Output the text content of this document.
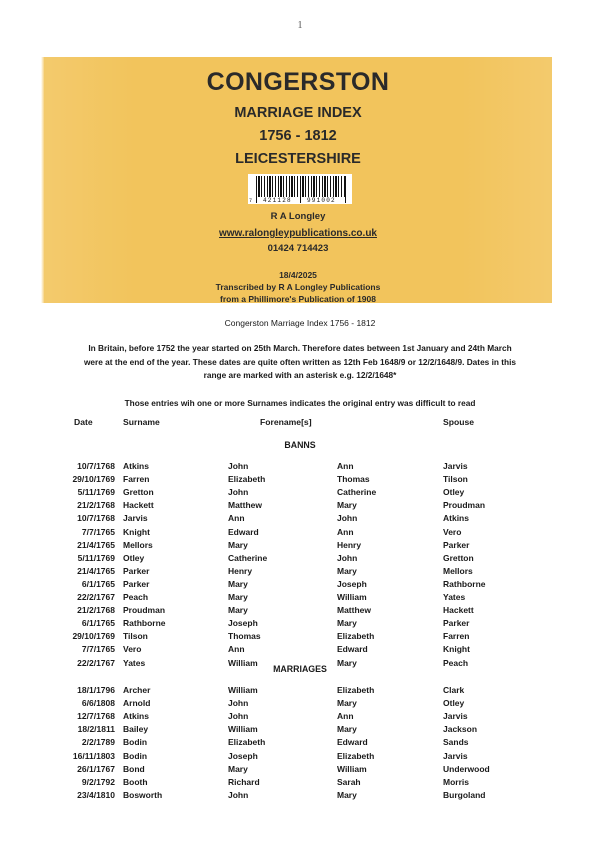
1
CONGERSTON
MARRIAGE INDEX
1756 - 1812
LEICESTERSHIRE
7 421128	991002
R A Longley
www.ralongleypublications.co.uk
01424 714423
18/4/2025
Transcribed by R A Longley Publications
from a Phillimore's Publication of 1908
Congerston Marriage Index 1756 - 1812
In Britain, before 1752 the year started on 25th March. Therefore dates between 1st January and 24th March were at the end of the year. These dates are quite often written as 12th Feb 1648/9 or 12/2/1648/9. Dates in this range are marked with an asterisk e.g. 12/2/1648*
Those entries wih one or more Surnames indicates the original entry was difficult to read
Date	Surname	Forename[s]	Spouse
BANNS
MARRIAGES
10/7/1768 Atkins	John	Ann	Jarvis
29/10/1769 Farren	Elizabeth	Thomas	Tilson
5/11/1769 Gretton	John	Catherine	Otley
21/2/1768 Hackett	Matthew	Mary	Proudman
10/7/1768 Jarvis	Ann	John	Atkins
7/7/1765 Knight	Edward	Ann	Vero
21/4/1765 Mellors	Mary	Henry	Parker
5/11/1769 Otley	Catherine	John	Gretton
21/4/1765 Parker	Henry	Mary	Mellors
6/1/1765 Parker	Mary	Joseph	Rathborne
22/2/1767 Peach	Mary	William	Yates
21/2/1768 Proudman	Mary	Matthew	Hackett
6/1/1765 Rathborne	Joseph	Mary	Parker
29/10/1769 Tilson	Thomas	Elizabeth	Farren
7/7/1765 Vero	Ann	Edward	Knight
22/2/1767 Yates	William	Mary	Peach
18/1/1796 Archer	William	Elizabeth	Clark
6/6/1808 Arnold	John	Mary	Otley
12/7/1768 Atkins	John	Ann	Jarvis
18/2/1811 Bailey	William	Mary	Jackson
2/2/1789 Bodin	Elizabeth	Edward	Sands
16/11/1803 Bodin	Joseph	Elizabeth	Jarvis
26/1/1767 Bond	Mary	William	Underwood
9/2/1792 Booth	Richard	Sarah	Morris
23/4/1810 Bosworth	John	Mary	Burgoland
